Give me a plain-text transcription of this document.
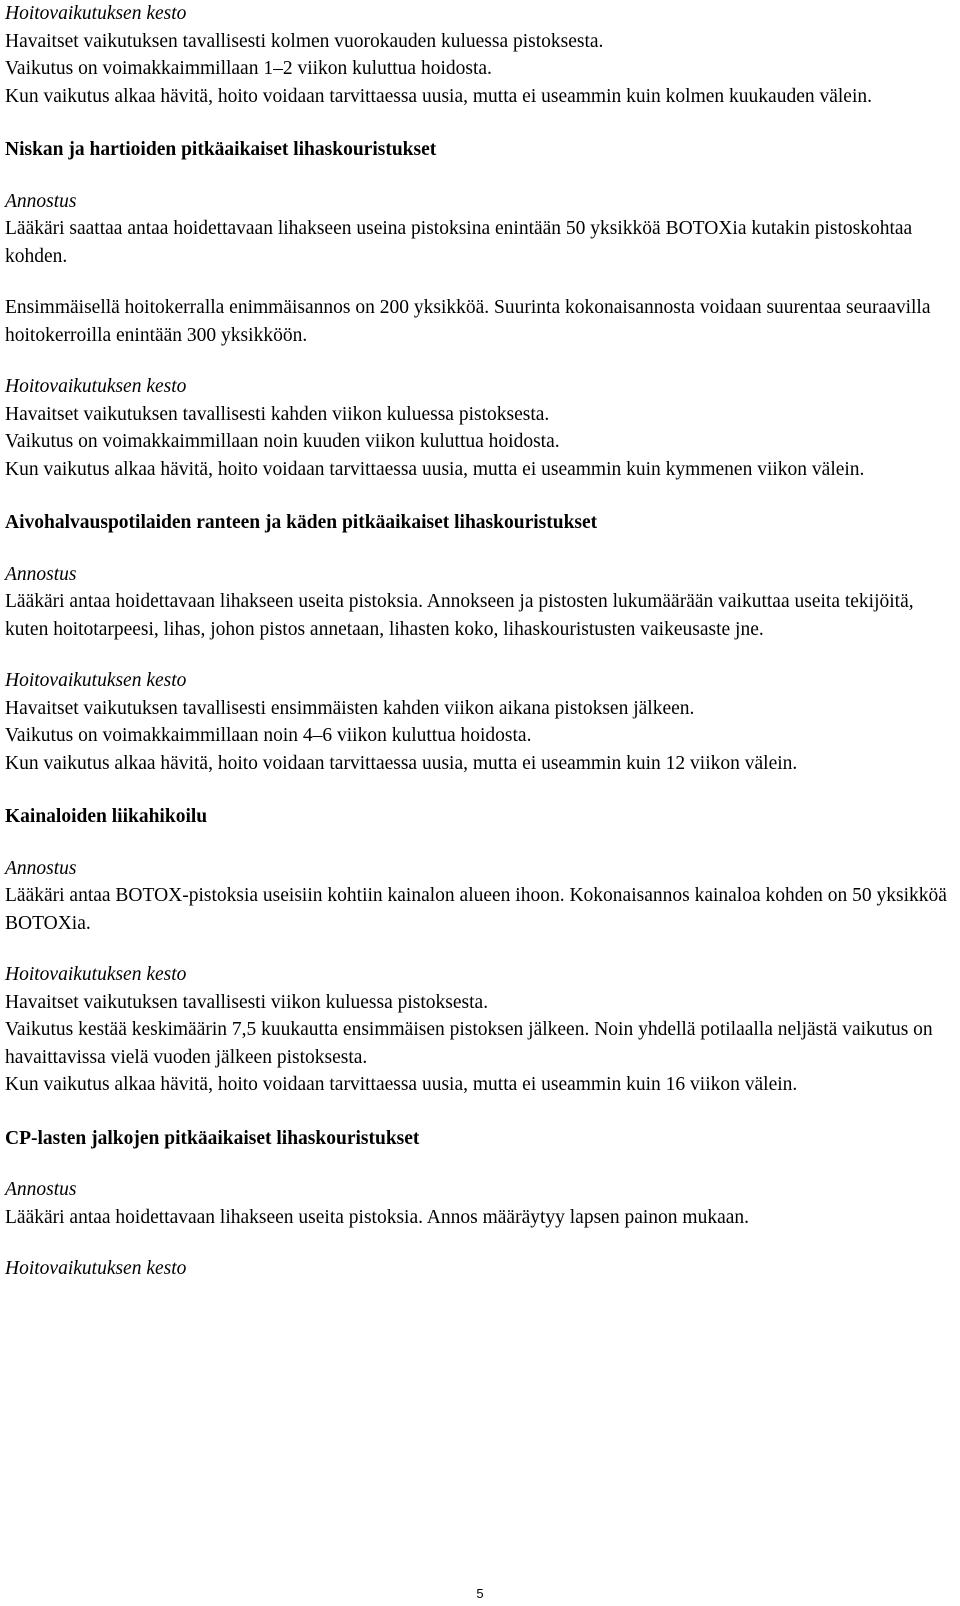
Hoitovaikutuksen kesto

Havaitset vaikutuksen tavallisesti kolmen vuorokauden kuluessa pistoksesta.

Vaikutus on voimakkaimmillaan 1–2 viikon kuluttua hoidosta.

Kun vaikutus alkaa hävitä, hoito voidaan tarvittaessa uusia, mutta ei useammin kuin kolmen kuukauden välein.

Niskan ja hartioiden pitkäaikaiset lihaskouristukset

Annostus

Lääkäri saattaa antaa hoidettavaan lihakseen useina pistoksina enintään 50 yksikköä BOTOXia kutakin pistoskohtaa kohden.

Ensimmäisellä hoitokerralla enimmäisannos on 200 yksikköä. Suurinta kokonaisannosta voidaan suurentaa seuraavilla hoitokerroilla enintään 300 yksikköön.

Hoitovaikutuksen kesto

Havaitset vaikutuksen tavallisesti kahden viikon kuluessa pistoksesta.

Vaikutus on voimakkaimmillaan noin kuuden viikon kuluttua hoidosta.

Kun vaikutus alkaa hävitä, hoito voidaan tarvittaessa uusia, mutta ei useammin kuin kymmenen viikon välein.

Aivohalvauspotilaiden ranteen ja käden pitkäaikaiset lihaskouristukset

Annostus

Lääkäri antaa hoidettavaan lihakseen useita pistoksia. Annokseen ja pistosten lukumäärään vaikuttaa useita tekijöitä, kuten hoitotarpeesi, lihas, johon pistos annetaan, lihasten koko, lihaskouristusten vaikeusaste jne.

Hoitovaikutuksen kesto

Havaitset vaikutuksen tavallisesti ensimmäisten kahden viikon aikana pistoksen jälkeen.

Vaikutus on voimakkaimmillaan noin 4–6 viikon kuluttua hoidosta.

Kun vaikutus alkaa hävitä, hoito voidaan tarvittaessa uusia, mutta ei useammin kuin 12 viikon välein.

Kainaloiden liikahikoilu

Annostus

Lääkäri antaa BOTOX-pistoksia useisiin kohtiin kainalon alueen ihoon. Kokonaisannos kainaloa kohden on 50 yksikköä BOTOXia.

Hoitovaikutuksen kesto

Havaitset vaikutuksen tavallisesti viikon kuluessa pistoksesta.

Vaikutus kestää keskimäärin 7,5 kuukautta ensimmäisen pistoksen jälkeen. Noin yhdellä potilaalla neljästä vaikutus on havaittavissa vielä vuoden jälkeen pistoksesta.

Kun vaikutus alkaa hävitä, hoito voidaan tarvittaessa uusia, mutta ei useammin kuin 16 viikon välein.

CP-lasten jalkojen pitkäaikaiset lihaskouristukset

Annostus

Lääkäri antaa hoidettavaan lihakseen useita pistoksia. Annos määräytyy lapsen painon mukaan.

Hoitovaikutuksen kesto

5
